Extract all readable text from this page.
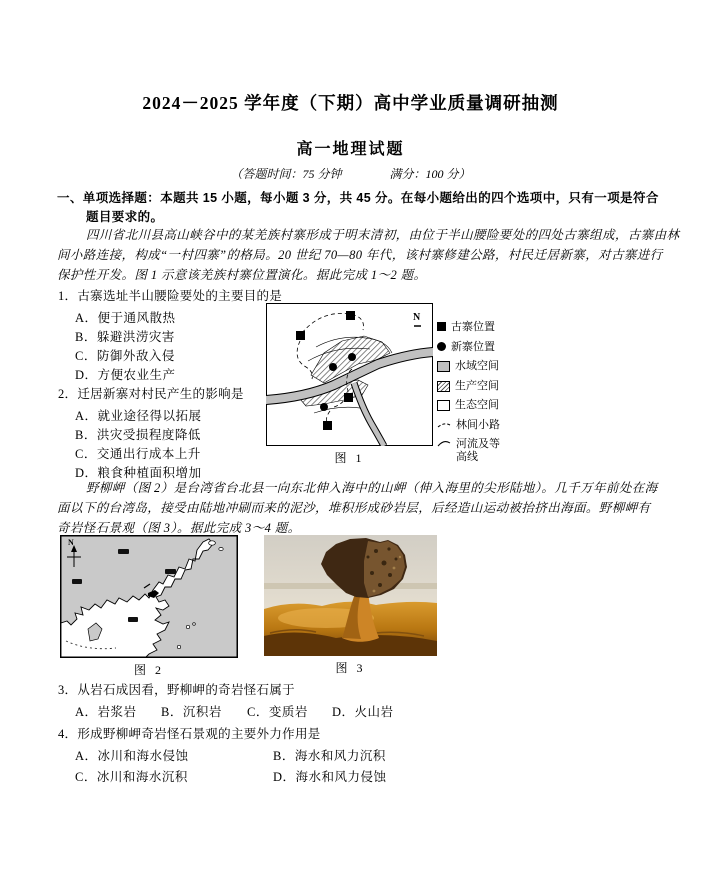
2024－2025 学年度（下期）高中学业质量调研抽测
高一地理试题
（答题时间：75 分钟　　　　满分：100 分）
一、单项选择题：本题共 15 小题，每小题 3 分，共 45 分。在每小题给出的四个选项中，只有一项是符合
题目要求的。
四川省北川县高山峡谷中的某羌族村寨形成于明末清初，由位于半山腰险要处的四处古寨组成，古寨由林
间小路连接，构成“一村四寨”的格局。20 世纪 70—80 年代，该村寨修建公路，村民迁居新寨，对古寨进行
保护性开发。图 1 示意该羌族村寨位置演化。据此完成 1～2 题。
1．古寨选址半山腰险要处的主要目的是
A．便于通风散热
B．躲避洪涝灾害
C．防御外敌入侵
D．方便农业生产
2．迁居新寨对村民产生的影响是
A．就业途径得以拓展
B．洪灾受损程度降低
C．交通出行成本上升
D．粮食种植面积增加
N
古寨位置
新寨位置
水域空间
生产空间
生态空间
林间小路
河流及等高线
图 1
野柳岬（图 2）是台湾省台北县一向东北伸入海中的山岬（伸入海里的尖形陆地）。几千万年前处在海
面以下的台湾岛，接受由陆地冲刷而来的泥沙，堆积形成砂岩层，后经造山运动被抬挤出海面。野柳岬有
奇岩怪石景观（图 3）。据此完成 3～4 题。
N
图 2	图 3
3．从岩石成因看，野柳岬的奇岩怪石属于
A．岩浆岩 B．沉积岩 C．变质岩 D．火山岩
4．形成野柳岬奇岩怪石景观的主要外力作用是
A．冰川和海水侵蚀	B．海水和风力沉积
C．冰川和海水沉积	D．海水和风力侵蚀
